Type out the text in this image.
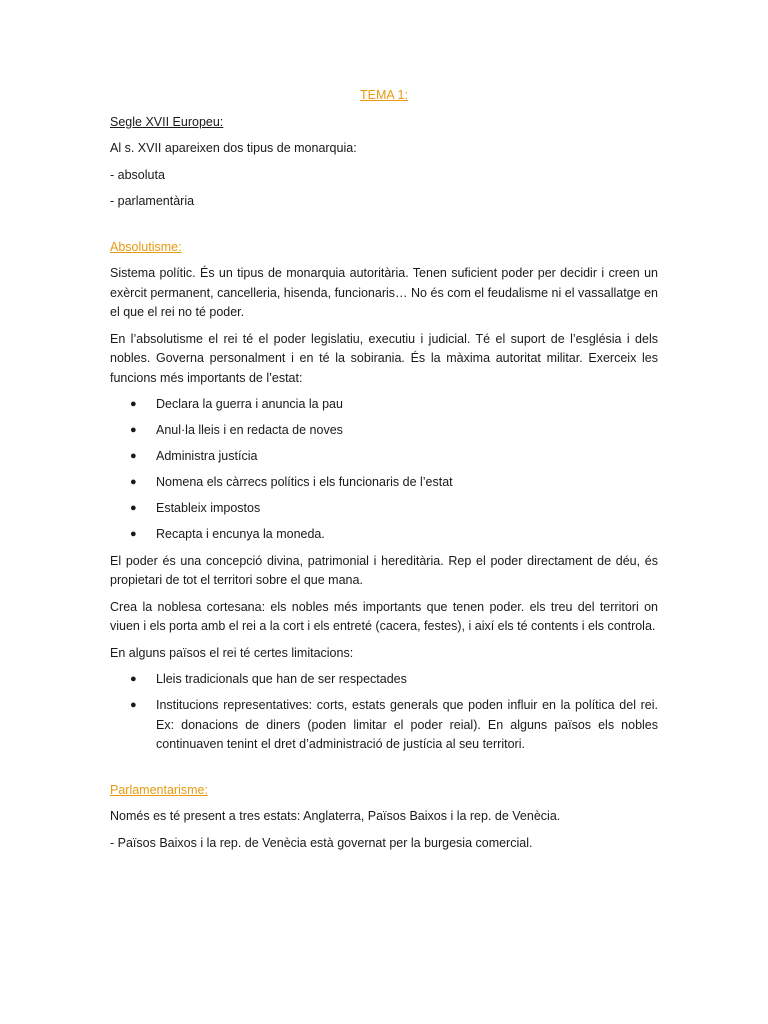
TEMA 1:
Segle XVII Europeu:

Al s. XVII apareixen dos tipus de monarquia:

- absoluta

- parlamentària

Absolutisme:

Sistema polític. És un tipus de monarquia autoritària. Tenen suficient poder per decidir i creen un exèrcit permanent, cancelleria, hisenda, funcionaris… No és com el feudalisme ni el vassallatge en el que el rei no té poder.

En l’absolutisme el rei té el poder legislatiu, executiu i judicial. Té el suport de l’església i dels nobles. Governa personalment i en té la sobirania. És la màxima autoritat militar. Exerceix les funcions més importants de l’estat:

● Declara la guerra i anuncia la pau
● Anul·la lleis i en redacta de noves
● Administra justícia
● Nomena els càrrecs polítics i els funcionaris de l’estat
● Estableix impostos
● Recapta i encunya la moneda.

El poder és una concepció divina, patrimonial i hereditària. Rep el poder directament de déu, és propietari de tot el territori sobre el que mana.

Crea la noblesa cortesana: els nobles més importants que tenen poder. els treu del territori on viuen i els porta amb el rei a la cort i els entreté (cacera, festes), i així els té contents i els controla.

En alguns països el rei té certes limitacions:

● Lleis tradicionals que han de ser respectades
● Institucions representatives: corts, estats generals que poden influir en la política del rei. Ex: donacions de diners (poden limitar el poder reial). En alguns països els nobles continuaven tenint el dret d’administració de justícia al seu territori.
Parlamentarisme:

Només es té present a tres estats: Anglaterra, Països Baixos i la rep. de Venècia.

- Països Baixos i la rep. de Venècia està governat per la burgesia comercial.
